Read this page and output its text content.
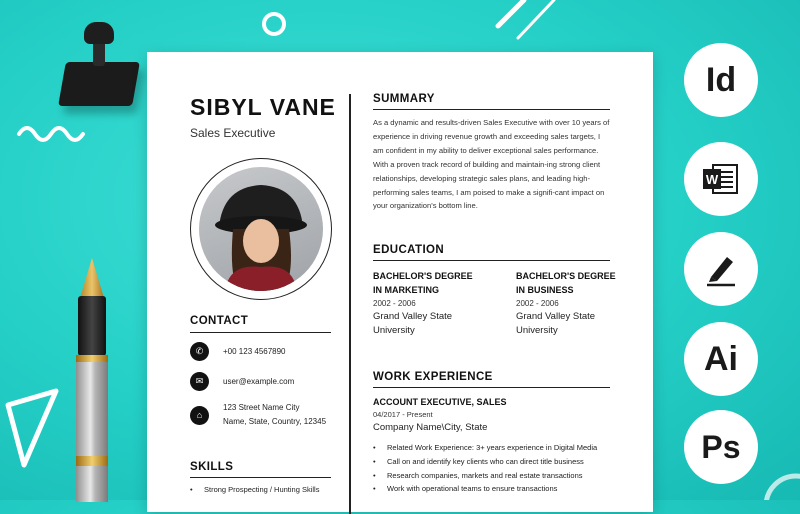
SIBYL VANE
Sales Executive
CONTACT
✆	+00 123 4567890
✉	user@example.com
⌂
123 Street Name City
Name, State, Country, 12345
SKILLS
• Strong Prospecting / Hunting Skills
SUMMARY
As a dynamic and results-driven Sales Executive with over 10 years of experience in driving revenue growth and exceeding sales targets, I am confident in my ability to deliver exceptional sales performance. With a proven track record of building and maintain-ing strong client relationships, developing strategic sales plans, and leading high-performing sales teams, I am poised to make a signifi-cant impact on your organization's bottom line.
EDUCATION
BACHELOR'S DEGREE IN MARKETING
2002 - 2006
Grand Valley State University
BACHELOR'S DEGREE IN BUSINESS
2002 - 2006
Grand Valley State University
WORK EXPERIENCE
ACCOUNT EXECUTIVE, SALES
04/2017 - Present
Company Name\City, State
• Related Work Experience: 3+ years experience in Digital Media
• Call on and identify key clients who can direct title business
• Research companies, markets and real estate transactions
• Work with operational teams to ensure transactions
Id
W
Ai
Ps
